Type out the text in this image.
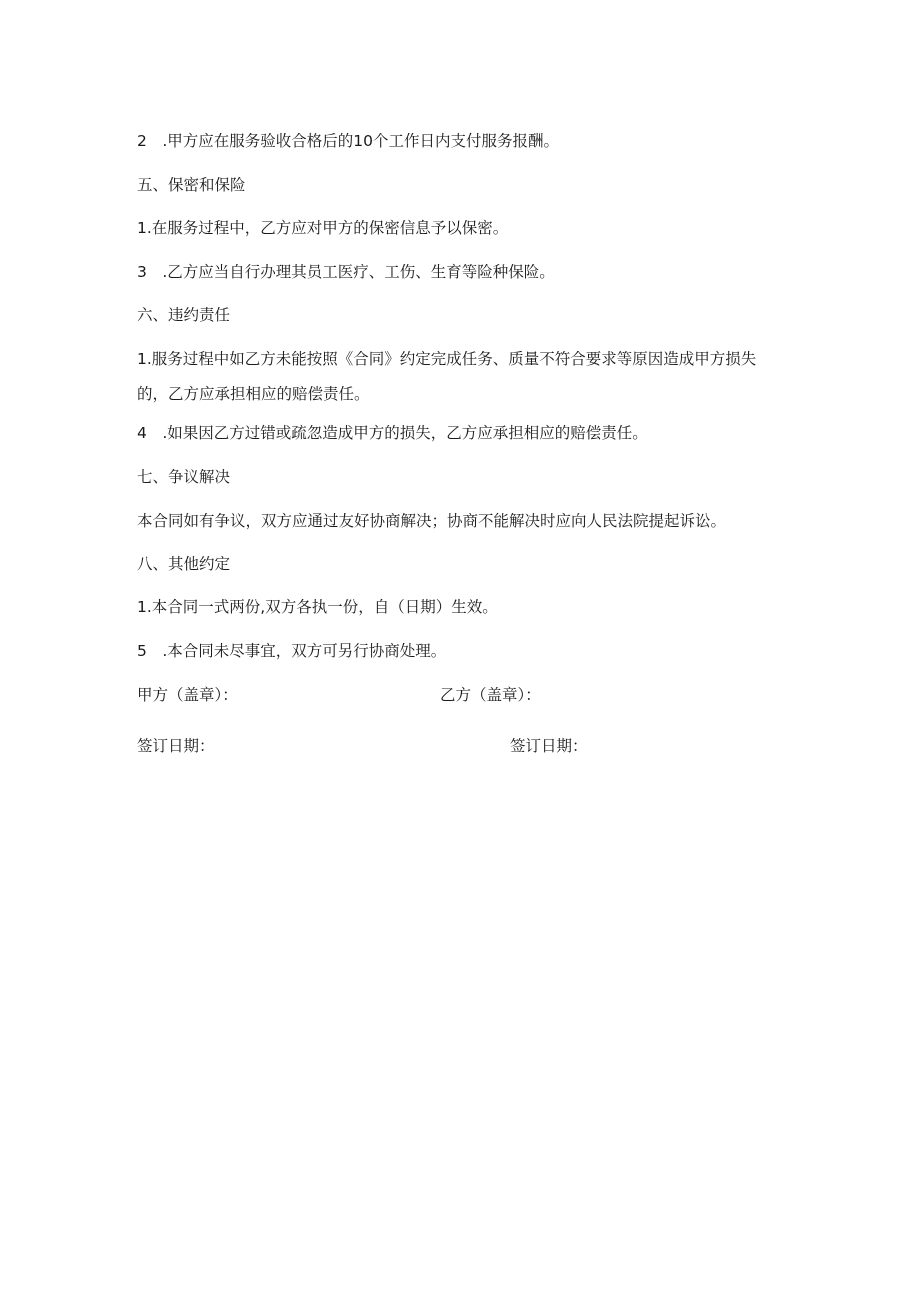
2　.甲方应在服务验收合格后的10个工作日内支付服务报酬。
五、保密和保险
1.在服务过程中，乙方应对甲方的保密信息予以保密。
3　.乙方应当自行办理其员工医疗、工伤、生育等险种保险。
六、违约责任
1.服务过程中如乙方未能按照《合同》约定完成任务、质量不符合要求等原因造成甲方损失的，乙方应承担相应的赔偿责任。
4　.如果因乙方过错或疏忽造成甲方的损失，乙方应承担相应的赔偿责任。
七、争议解决
本合同如有争议，双方应通过友好协商解决；协商不能解决时应向人民法院提起诉讼。
八、其他约定
1.本合同一式两份,双方各执一份，自（日期）生效。
5　.本合同未尽事宜，双方可另行协商处理。
甲方（盖章）：	乙方（盖章）：
签订日期：	签订日期：
